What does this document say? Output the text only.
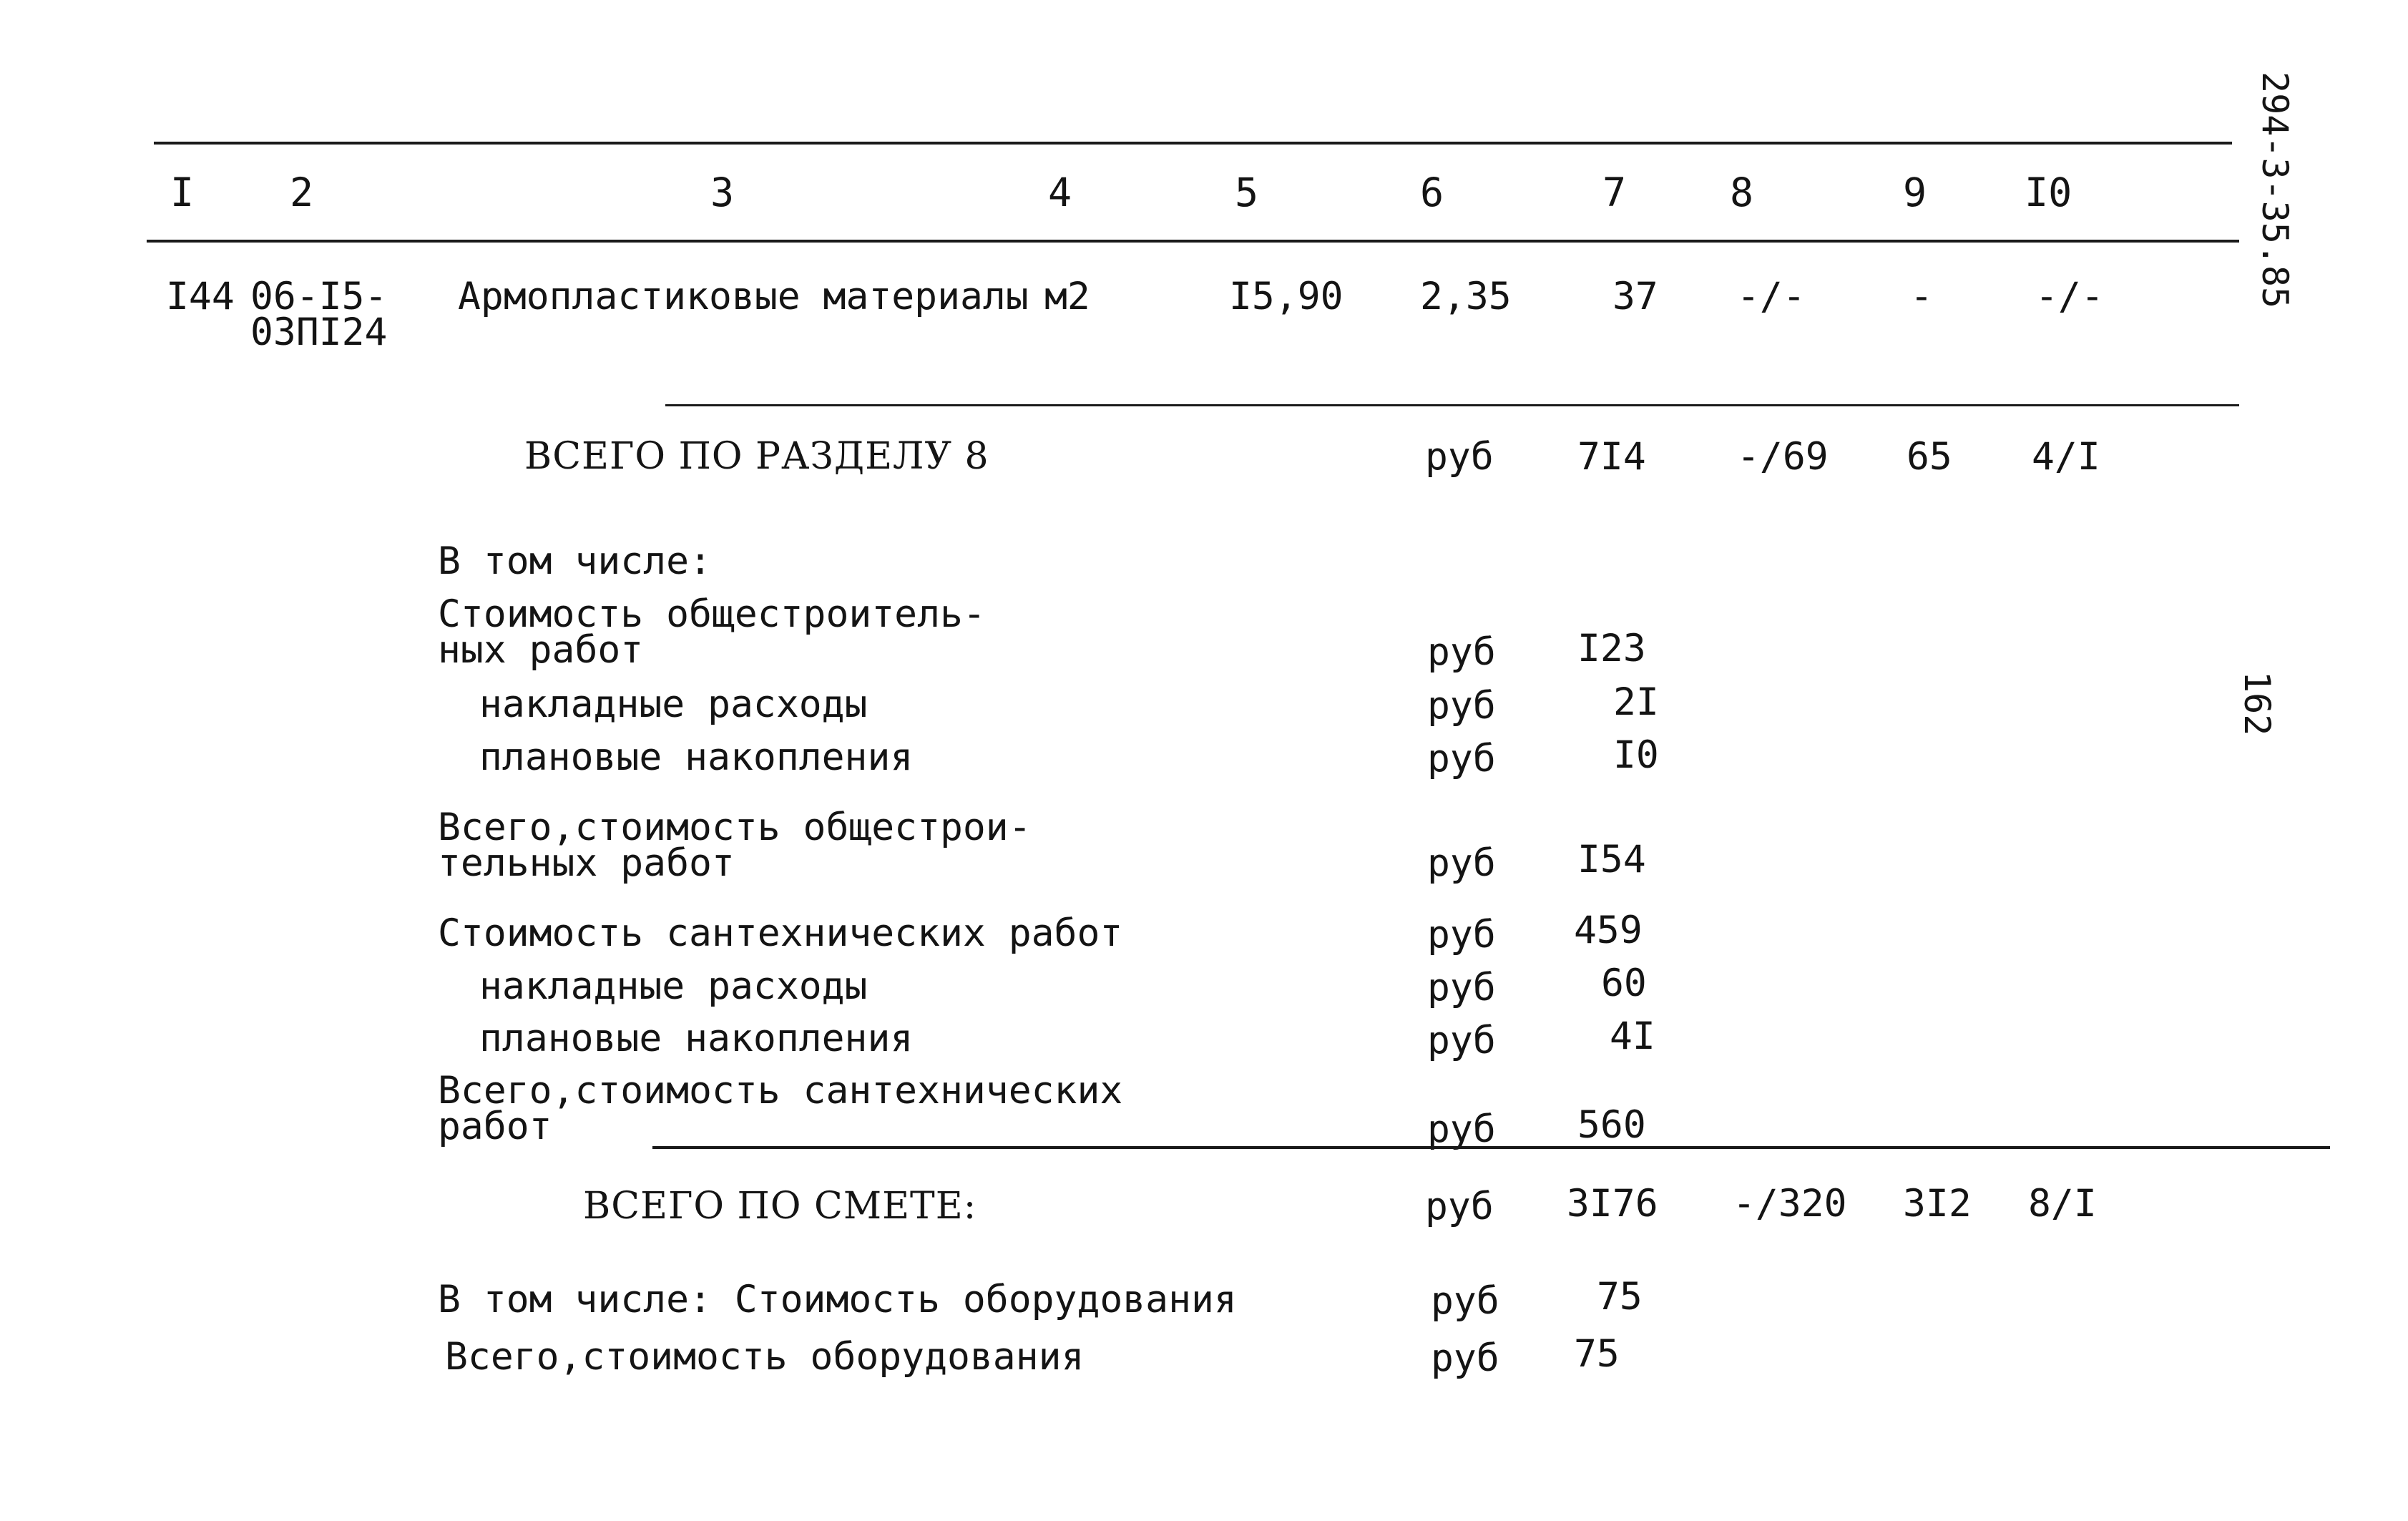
294-3-35.85
162
I 2	3	4	5	6	7	8	9 I0
I44 06-I5-
03ПI24
Армопластиковые материалы м2	I5,90 2,35	37 -/-	-	-/-
ВСЕГО ПО РАЗДЕЛУ 8	руб 7I4 -/69 65 4/I
В том числе:
Стоимость общестроитель-
ных работ	руб I23
накладные расходы	руб	2I
плановые накопления	руб	I0
Всего,стоимость общестрои-
тельных работ	руб I54
Стоимость сантехнических работ	руб 459
накладные расходы	руб	60
плановые накопления	руб	4I
Всего,стоимость сантехнических
работ	руб 560
ВСЕГО ПО СМЕТЕ:	руб 3I76 -/320 3I2 8/I
В том числе: Стоимость оборудования	руб	75
Всего,стоимость оборудования	руб 75
